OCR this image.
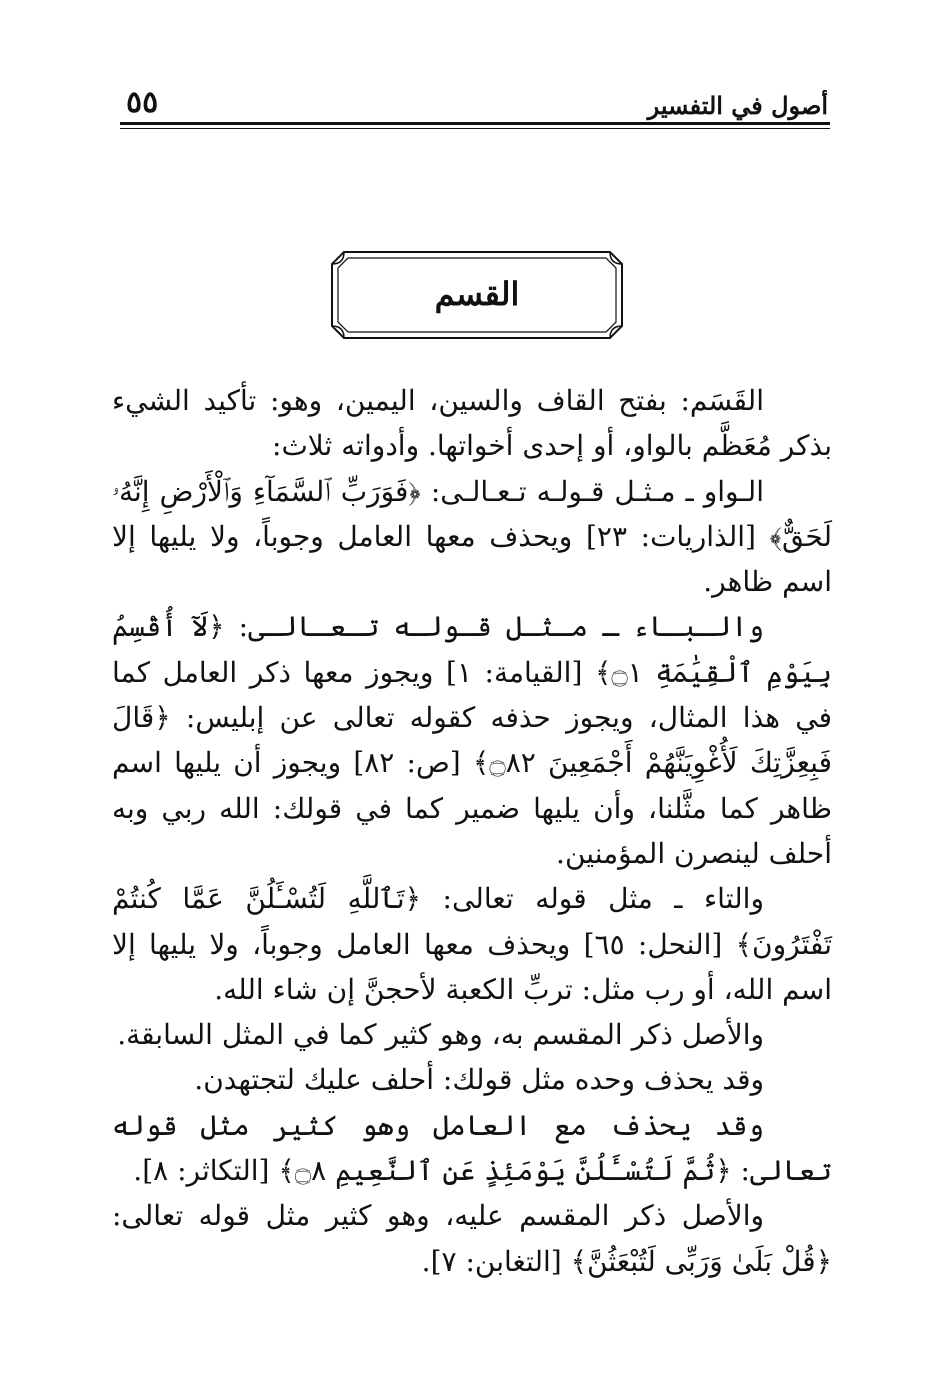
٥٥	أصول في التفسير
القسم

القَسَم: بفتح القاف والسين، اليمين، وهو: تأكيد الشيء بذكر مُعَظَّم بالواو، أو إحدى أخواتها. وأدواته ثلاث:

الـواو ـ مـثـل قـولـه تـعـالـى: ﴿فَوَرَبِّ ٱلسَّمَآءِ وَٱلْأَرْضِ إِنَّهُۥ لَحَقٌّ﴾ [الذاريات: ٢٣] ويحذف معها العامل وجوباً، ولا يليها إلا اسم ظاهر.

والـبـاء ـ مـثـل قـولـه تـعـالـى: ﴿لَآ أُقْسِمُ بِيَوْمِ ٱلْقِيَٰمَةِ ۝١﴾ [القيامة: ١] ويجوز معها ذكر العامل كما في هذا المثال، ويجوز حذفه كقوله تعالى عن إبليس: ﴿قَالَ فَبِعِزَّتِكَ لَأُغْوِيَنَّهُمْ أَجْمَعِينَ ۝٨٢﴾ [ص: ٨٢] ويجوز أن يليها اسم ظاهر كما مثَّلنا، وأن يليها ضمير كما في قولك: الله ربي وبه أحلف لينصرن المؤمنين.

والتاء ـ مثل قوله تعالى: ﴿تَٱللَّهِ لَتُسْـَٔلُنَّ عَمَّا كُنتُمْ تَفْتَرُونَ﴾ [النحل: ٦٥] ويحذف معها العامل وجوباً، ولا يليها إلا اسم الله، أو رب مثل: تربِّ الكعبة لأحجنَّ إن شاء الله.

والأصل ذكر المقسم به، وهو كثير كما في المثل السابقة.

وقد يحذف وحده مثل قولك: أحلف عليك لتجتهدن.

وقد يحذف مع العامل وهو كثير مثل قوله تعالى: ﴿ثُمَّ لَتُسْـَٔلُنَّ يَوْمَئِذٍ عَنِ ٱلنَّعِيمِ ۝٨﴾ [التكاثر: ٨].

والأصل ذكر المقسم عليه، وهو كثير مثل قوله تعالى: ﴿قُلْ بَلَىٰ وَرَبِّى لَتُبْعَثُنَّ﴾ [التغابن: ٧].
